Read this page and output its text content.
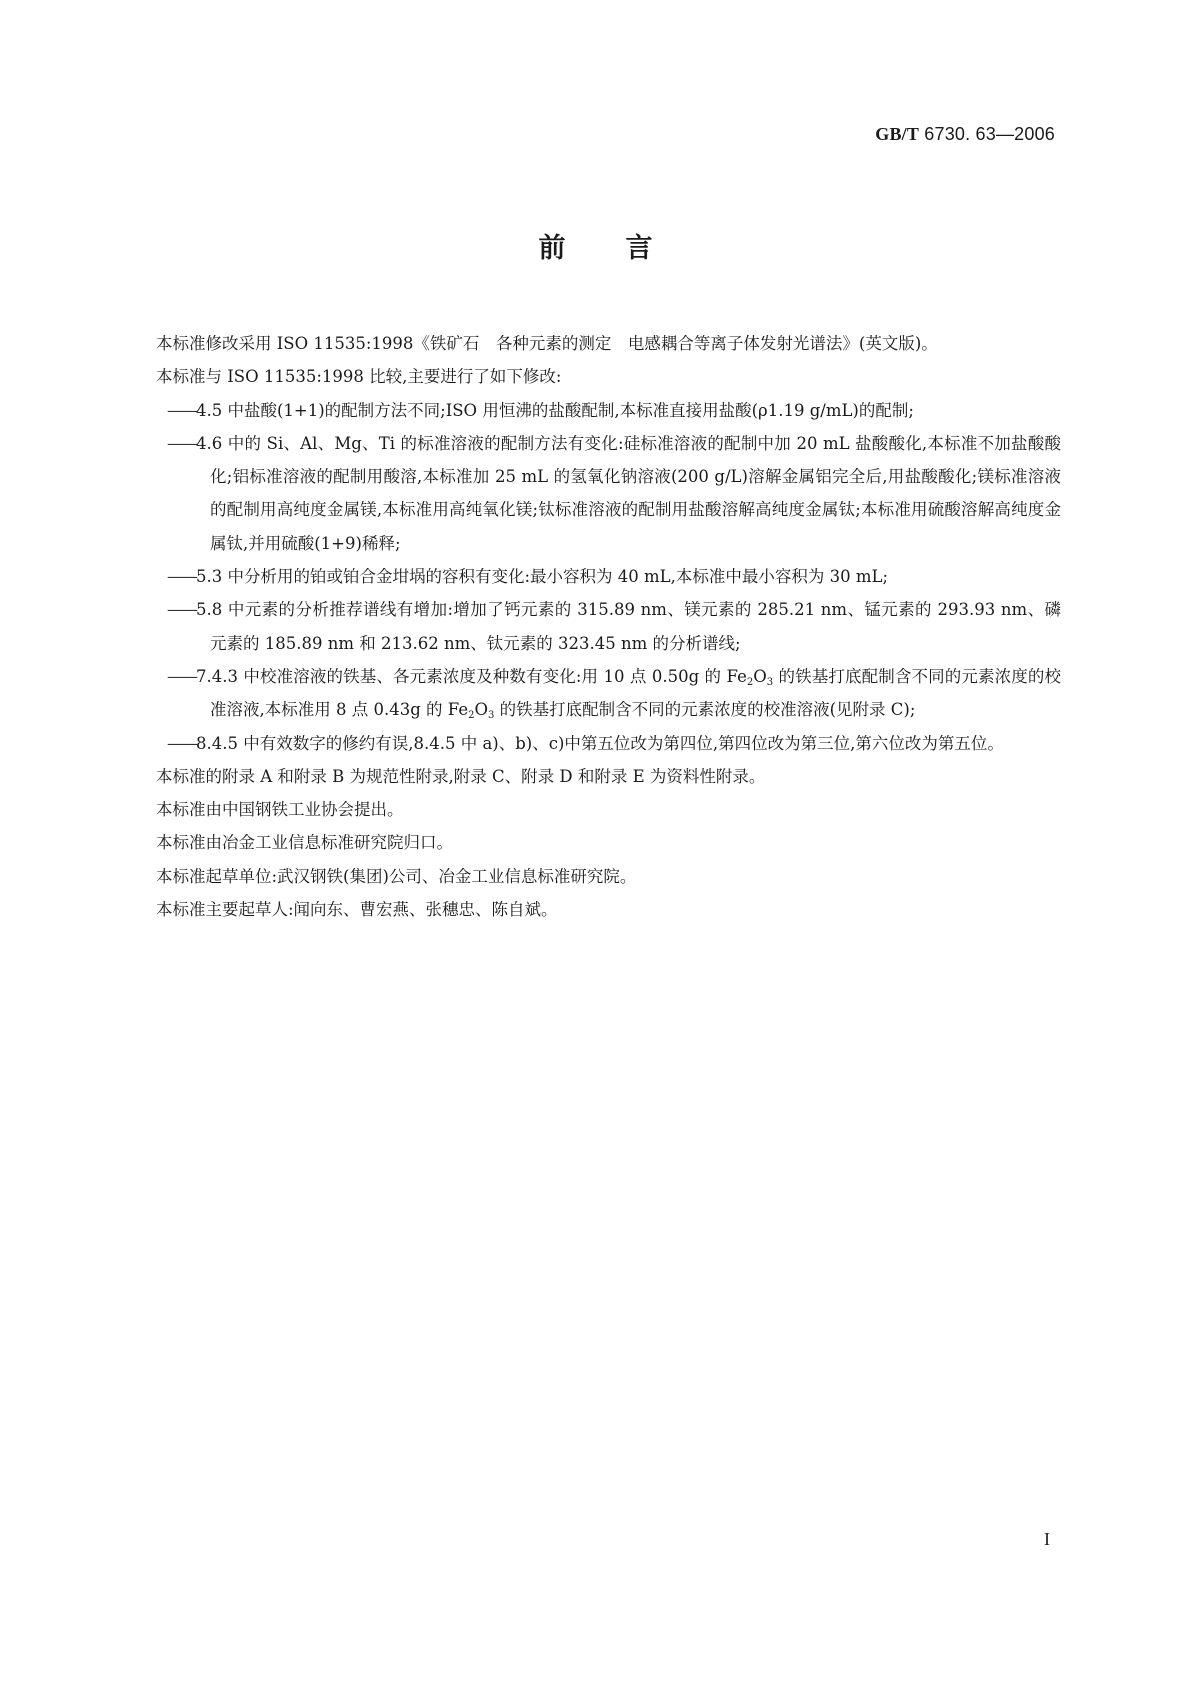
GB/T 6730. 63—2006
前言

本标准修改采用 ISO 11535:1998《铁矿石　各种元素的测定　电感耦合等离子体发射光谱法》(英文版)。

本标准与 ISO 11535:1998 比较,主要进行了如下修改:

——4.5 中盐酸(1+1)的配制方法不同;ISO 用恒沸的盐酸配制,本标准直接用盐酸(ρ1.19 g/mL)的配制;

——4.6 中的 Si、Al、Mg、Ti 的标准溶液的配制方法有变化:硅标准溶液的配制中加 20 mL 盐酸酸化,本标准不加盐酸酸化;铝标准溶液的配制用酸溶,本标准加 25 mL 的氢氧化钠溶液(200 g/L)溶解金属铝完全后,用盐酸酸化;镁标准溶液的配制用高纯度金属镁,本标准用高纯氧化镁;钛标准溶液的配制用盐酸溶解高纯度金属钛;本标准用硫酸溶解高纯度金属钛,并用硫酸(1+9)稀释;

——5.3 中分析用的铂或铂合金坩埚的容积有变化:最小容积为 40 mL,本标准中最小容积为 30 mL;

——5.8 中元素的分析推荐谱线有增加:增加了钙元素的 315.89 nm、镁元素的 285.21 nm、锰元素的 293.93 nm、磷元素的 185.89 nm 和 213.62 nm、钛元素的 323.45 nm 的分析谱线;

——7.4.3 中校准溶液的铁基、各元素浓度及种数有变化:用 10 点 0.50g 的 $Fe_2O_3$ 的铁基打底配制含不同的元素浓度的校准溶液,本标准用 8 点 0.43g 的 $Fe_2O_3$ 的铁基打底配制含不同的元素浓度的校准溶液(见附录 C);

——8.4.5 中有效数字的修约有误,8.4.5 中 a)、b)、c)中第五位改为第四位,第四位改为第三位,第六位改为第五位。

本标准的附录 A 和附录 B 为规范性附录,附录 C、附录 D 和附录 E 为资料性附录。

本标准由中国钢铁工业协会提出。

本标准由冶金工业信息标准研究院归口。

本标准起草单位:武汉钢铁(集团)公司、冶金工业信息标准研究院。

本标准主要起草人:闻向东、曹宏燕、张穗忠、陈自斌。

I
